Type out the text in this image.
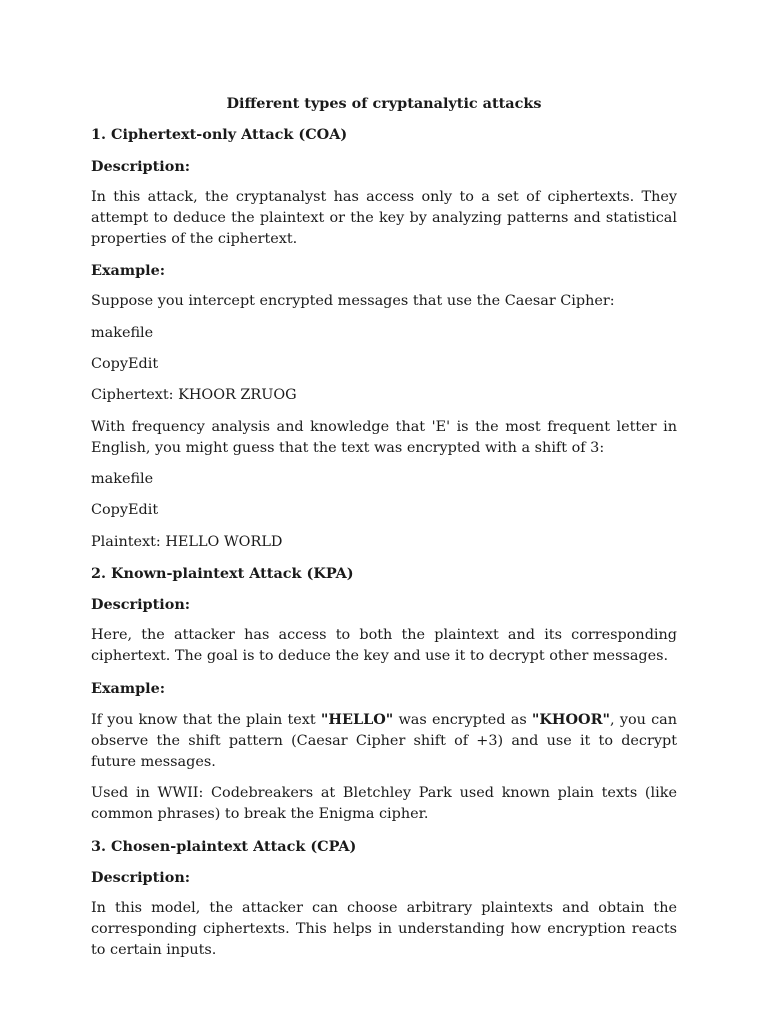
Different types of cryptanalytic attacks

1. Ciphertext-only Attack (COA)

Description:

In this attack, the cryptanalyst has access only to a set of ciphertexts. They attempt to deduce the plaintext or the key by analyzing patterns and statistical properties of the ciphertext.

Example:

Suppose you intercept encrypted messages that use the Caesar Cipher:

makefile

CopyEdit

Ciphertext: KHOOR ZRUOG

With frequency analysis and knowledge that 'E' is the most frequent letter in English, you might guess that the text was encrypted with a shift of 3:

makefile

CopyEdit

Plaintext: HELLO WORLD

2. Known-plaintext Attack (KPA)

Description:

Here, the attacker has access to both the plaintext and its corresponding ciphertext. The goal is to deduce the key and use it to decrypt other messages.

Example:

If you know that the plain text "HELLO" was encrypted as "KHOOR", you can observe the shift pattern (Caesar Cipher shift of +3) and use it to decrypt future messages.

Used in WWII: Codebreakers at Bletchley Park used known plain texts (like common phrases) to break the Enigma cipher.

3. Chosen-plaintext Attack (CPA)

Description:

In this model, the attacker can choose arbitrary plaintexts and obtain the corresponding ciphertexts. This helps in understanding how encryption reacts to certain inputs.
